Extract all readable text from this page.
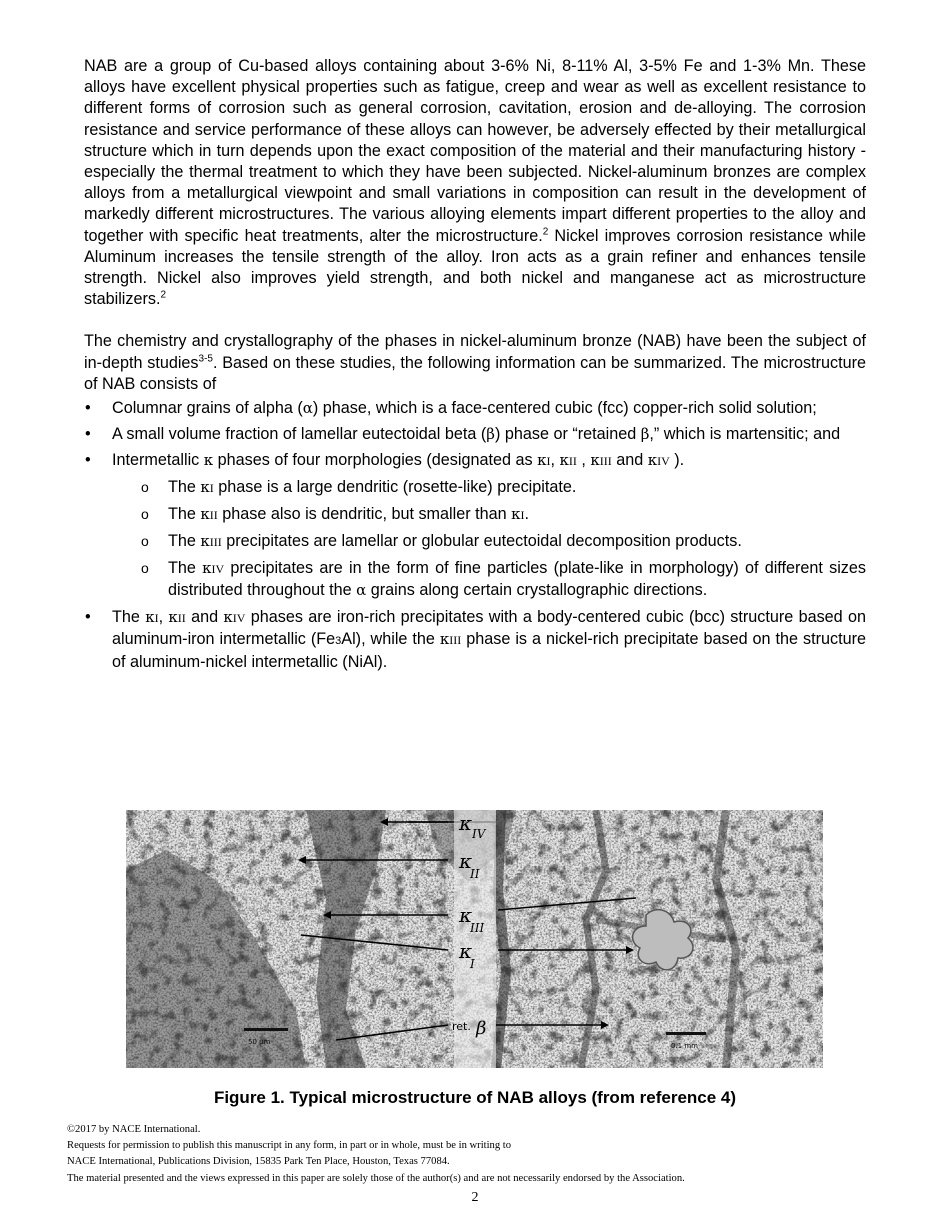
NAB are a group of Cu-based alloys containing about 3-6% Ni, 8-11% Al, 3-5% Fe and 1-3% Mn. These alloys have excellent physical properties such as fatigue, creep and wear as well as excellent resistance to different forms of corrosion such as general corrosion, cavitation, erosion and de-alloying. The corrosion resistance and service performance of these alloys can however, be adversely effected by their metallurgical structure which in turn depends upon the exact composition of the material and their manufacturing history - especially the thermal treatment to which they have been subjected. Nickel-aluminum bronzes are complex alloys from a metallurgical viewpoint and small variations in composition can result in the development of markedly different microstructures. The various alloying elements impart different properties to the alloy and together with specific heat treatments, alter the microstructure.$^2$ Nickel improves corrosion resistance while Aluminum increases the tensile strength of the alloy. Iron acts as a grain refiner and enhances tensile strength. Nickel also improves yield strength, and both nickel and manganese act as microstructure stabilizers.$^2$

The chemistry and crystallography of the phases in nickel-aluminum bronze (NAB) have been the subject of in-depth studies$^{3-5}$. Based on these studies, the following information can be summarized. The microstructure of NAB consists of

• Columnar grains of alpha (α) phase, which is a face-centered cubic (fcc) copper-rich solid solution;
• A small volume fraction of lamellar eutectoidal beta (β) phase or “retained β,” which is martensitic; and
• Intermetallic κ phases of four morphologies (designated as κI, κII , κIII and κIV ).
o The κI phase is a large dendritic (rosette-like) precipitate.
o The κII phase also is dendritic, but smaller than κI.
o The κIII precipitates are lamellar or globular eutectoidal decomposition products.
o The κIV precipitates are in the form of fine particles (plate-like in morphology) of different sizes distributed throughout the α grains along certain crystallographic directions.
• The κI, κII and κIV phases are iron-rich precipitates with a body-centered cubic (bcc) structure based on aluminum-iron intermetallic (Fe3Al), while the κIII phase is a nickel-rich precipitate based on the structure of aluminum-nickel intermetallic (NiAl).
50 µm	0.1 mm
κ IV
κ
II
κ
III
κ
I
ret. β
Figure 1. Typical microstructure of NAB alloys (from reference 4)
©2017 by NACE International.
Requests for permission to publish this manuscript in any form, in part or in whole, must be in writing to
NACE International, Publications Division, 15835 Park Ten Place, Houston, Texas 77084.
The material presented and the views expressed in this paper are solely those of the author(s) and are not necessarily endorsed by the Association.
2
